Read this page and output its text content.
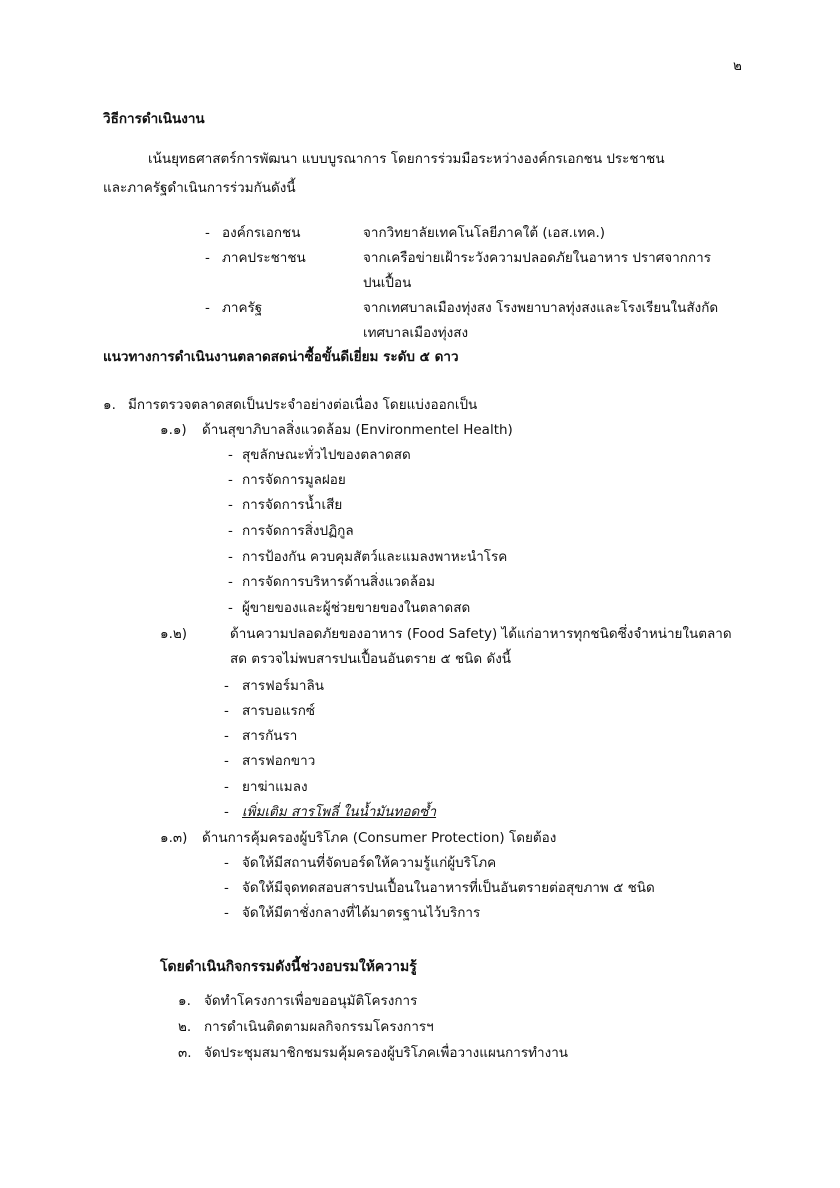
๒
วิธีการดำเนินงาน
เน้นยุทธศาสตร์การพัฒนา แบบบูรณาการ โดยการร่วมมือระหว่างองค์กรเอกชน ประชาชน
และภาครัฐดำเนินการร่วมกันดังนี้
- องค์กรเอกชน	จากวิทยาลัยเทคโนโลยีภาคใต้ (เอส.เทค.)
- ภาคประชาชน	จากเครือข่ายเฝ้าระวังความปลอดภัยในอาหาร ปราศจากการ
ปนเปื้อน
- ภาครัฐ	จากเทศบาลเมืองทุ่งสง โรงพยาบาลทุ่งสงและโรงเรียนในสังกัด
เทศบาลเมืองทุ่งสง
แนวทางการดำเนินงานตลาดสดน่าซื้อขั้นดีเยี่ยม ระดับ ๕ ดาว
๑. มีการตรวจตลาดสดเป็นประจำอย่างต่อเนื่อง โดยแบ่งออกเป็น
๑.๑) ด้านสุขาภิบาลสิ่งแวดล้อม (Environmentel Health)
- สุขลักษณะทั่วไปของตลาดสด
- การจัดการมูลฝอย
- การจัดการน้ำเสีย
- การจัดการสิ่งปฏิกูล
- การป้องกัน ควบคุมสัตว์และแมลงพาหะนำโรค
- การจัดการบริหารด้านสิ่งแวดล้อม
- ผู้ขายของและผู้ช่วยขายของในตลาดสด
๑.๒)	ด้านความปลอดภัยของอาหาร (Food Safety) ได้แก่อาหารทุกชนิดซึ่งจำหน่ายในตลาด
สด ตรวจไม่พบสารปนเปื้อนอันตราย ๕ ชนิด ดังนี้
- สารฟอร์มาลิน
- สารบอแรกซ์
- สารกันรา
- สารฟอกขาว
- ยาฆ่าแมลง
- เพิ่มเติม สารโพลี่ ในน้ำมันทอดซ้ำ
๑.๓) ด้านการคุ้มครองผู้บริโภค (Consumer Protection) โดยต้อง
- จัดให้มีสถานที่จัดบอร์ดให้ความรู้แก่ผู้บริโภค
- จัดให้มีจุดทดสอบสารปนเปื้อนในอาหารที่เป็นอันตรายต่อสุขภาพ ๕ ชนิด
- จัดให้มีตาชั่งกลางที่ได้มาตรฐานไว้บริการ
โดยดำเนินกิจกรรมดังนี้ช่วงอบรมให้ความรู้
๑. จัดทำโครงการเพื่อขออนุมัติโครงการ
๒. การดำเนินติดตามผลกิจกรรมโครงการฯ
๓. จัดประชุมสมาชิกชมรมคุ้มครองผู้บริโภคเพื่อวางแผนการทำงาน
